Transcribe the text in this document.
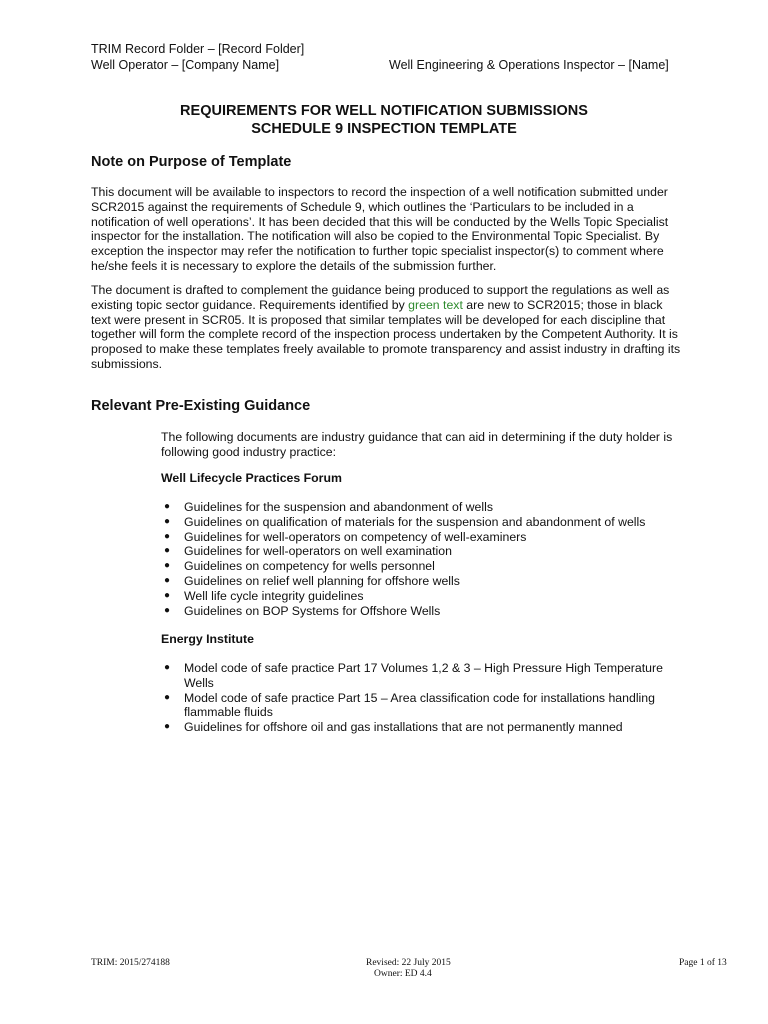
TRIM Record Folder – [Record Folder]
Well Operator – [Company Name]	Well Engineering & Operations Inspector – [Name]
REQUIREMENTS FOR WELL NOTIFICATION SUBMISSIONS
SCHEDULE 9 INSPECTION TEMPLATE
Note on Purpose of Template
This document will be available to inspectors to record the inspection of a well notification submitted under SCR2015 against the requirements of Schedule 9, which outlines the ‘Particulars to be included in a notification of well operations’. It has been decided that this will be conducted by the Wells Topic Specialist inspector for the installation. The notification will also be copied to the Environmental Topic Specialist. By exception the inspector may refer the notification to further topic specialist inspector(s) to comment where he/she feels it is necessary to explore the details of the submission further.
The document is drafted to complement the guidance being produced to support the regulations as well as existing topic sector guidance. Requirements identified by green text are new to SCR2015; those in black text were present in SCR05. It is proposed that similar templates will be developed for each discipline that together will form the complete record of the inspection process undertaken by the Competent Authority. It is proposed to make these templates freely available to promote transparency and assist industry in drafting its submissions.
Relevant Pre-Existing Guidance
The following documents are industry guidance that can aid in determining if the duty holder is following good industry practice:
Well Lifecycle Practices Forum
● Guidelines for the suspension and abandonment of wells
● Guidelines on qualification of materials for the suspension and abandonment of wells
● Guidelines for well-operators on competency of well-examiners
● Guidelines for well-operators on well examination
● Guidelines on competency for wells personnel
● Guidelines on relief well planning for offshore wells
● Well life cycle integrity guidelines
● Guidelines on BOP Systems for Offshore Wells
Energy Institute
● Model code of safe practice Part 17 Volumes 1,2 & 3 – High Pressure High Temperature Wells
● Model code of safe practice Part 15 – Area classification code for installations handling flammable fluids
● Guidelines for offshore oil and gas installations that are not permanently manned
TRIM: 2015/274188	Revised: 22 July 2015
Owner: ED 4.4
Page 1 of 13
